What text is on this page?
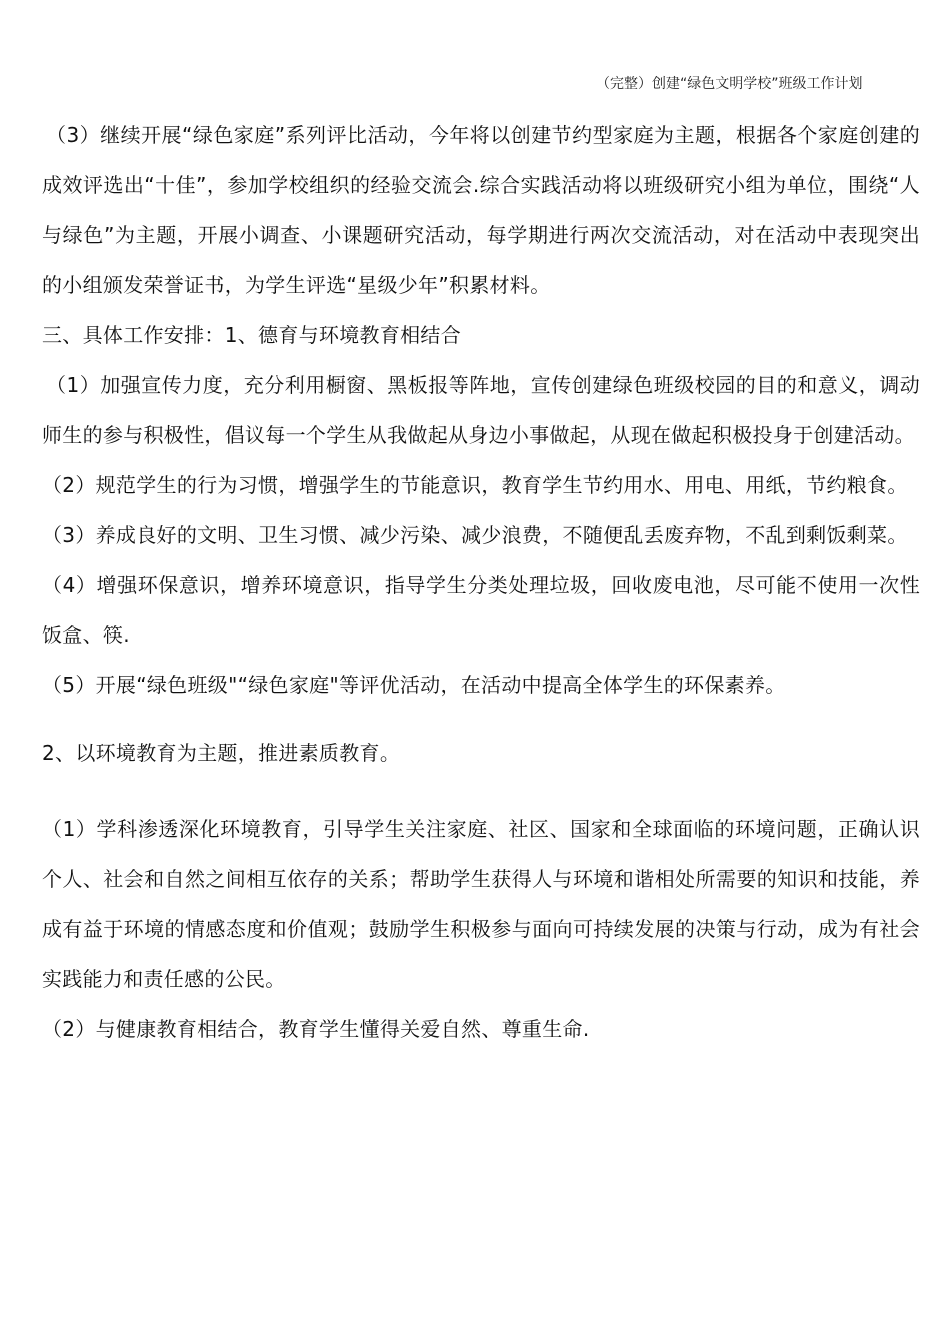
（完整）创建“绿色文明学校”班级工作计划

（3）继续开展“绿色家庭”系列评比活动，今年将以创建节约型家庭为主题，根据各个家庭创建的成效评选出“十佳”，参加学校组织的经验交流会.综合实践活动将以班级研究小组为单位，围绕“人与绿色”为主题，开展小调查、小课题研究活动，每学期进行两次交流活动，对在活动中表现突出的小组颁发荣誉证书，为学生评选“星级少年”积累材料。

三、具体工作安排：1、德育与环境教育相结合

（1）加强宣传力度，充分利用橱窗、黑板报等阵地，宣传创建绿色班级校园的目的和意义，调动师生的参与积极性，倡议每一个学生从我做起从身边小事做起，从现在做起积极投身于创建活动。

（2）规范学生的行为习惯，增强学生的节能意识，教育学生节约用水、用电、用纸，节约粮食。

（3）养成良好的文明、卫生习惯、减少污染、减少浪费，不随便乱丢废弃物，不乱到剩饭剩菜。

（4）增强环保意识，增养环境意识，指导学生分类处理垃圾，回收废电池，尽可能不使用一次性饭盒、筷.

（5）开展“绿色班级"“绿色家庭"等评优活动，在活动中提高全体学生的环保素养。

2、以环境教育为主题，推进素质教育。

（1）学科渗透深化环境教育，引导学生关注家庭、社区、国家和全球面临的环境问题，正确认识个人、社会和自然之间相互依存的关系；帮助学生获得人与环境和谐相处所需要的知识和技能，养成有益于环境的情感态度和价值观；鼓励学生积极参与面向可持续发展的决策与行动，成为有社会实践能力和责任感的公民。

（2）与健康教育相结合，教育学生懂得关爱自然、尊重生命.
